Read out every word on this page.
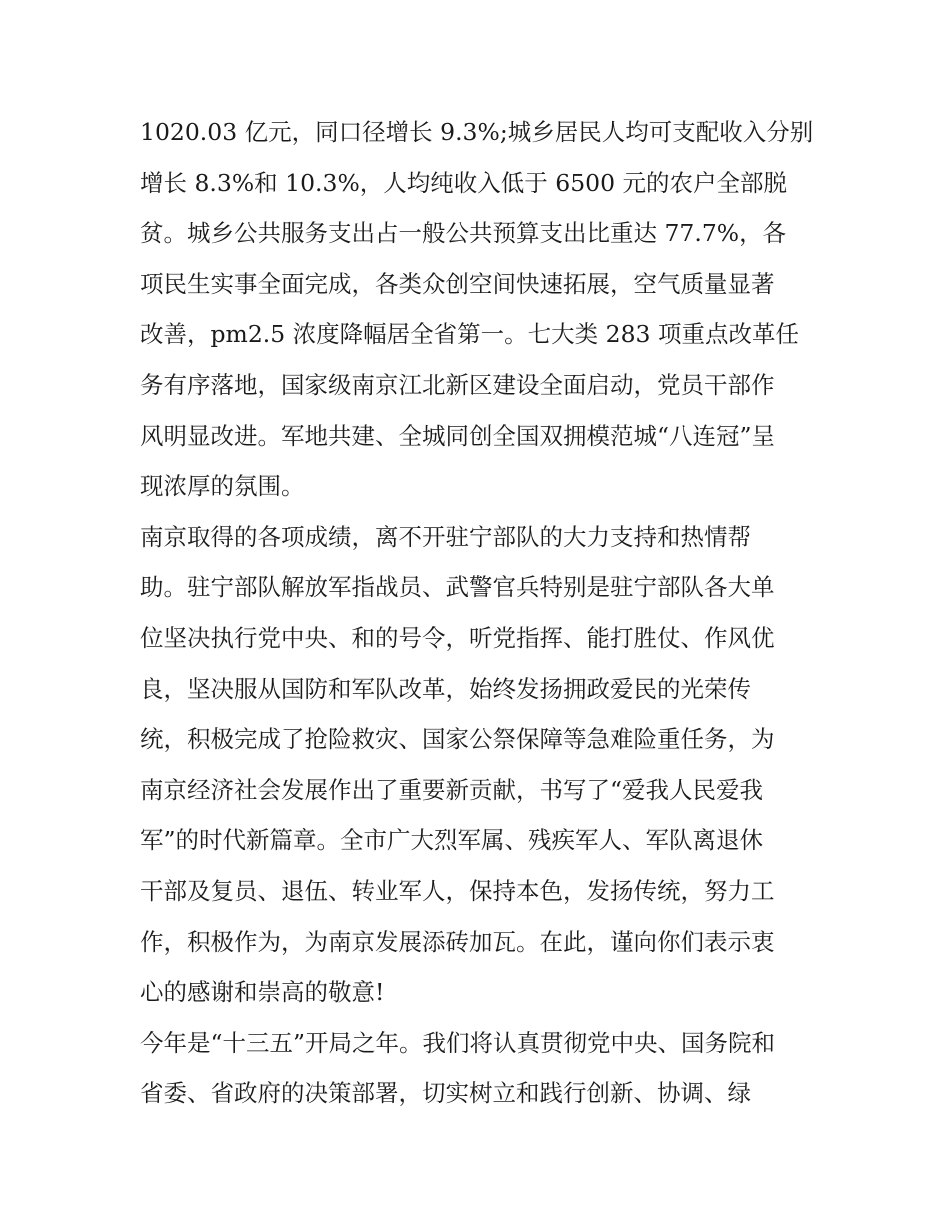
1020.03 亿元，同口径增长 9.3%;城乡居民人均可支配收入分别
增长 8.3%和 10.3%，人均纯收入低于 6500 元的农户全部脱
贫。城乡公共服务支出占一般公共预算支出比重达 77.7%，各
项民生实事全面完成，各类众创空间快速拓展，空气质量显著
改善，pm2.5 浓度降幅居全省第一。七大类 283 项重点改革任
务有序落地，国家级南京江北新区建设全面启动，党员干部作
风明显改进。军地共建、全城同创全国双拥模范城“八连冠”呈
现浓厚的氛围。
南京取得的各项成绩，离不开驻宁部队的大力支持和热情帮
助。驻宁部队解放军指战员、武警官兵特别是驻宁部队各大单
位坚决执行党中央、和的号令，听党指挥、能打胜仗、作风优
良，坚决服从国防和军队改革，始终发扬拥政爱民的光荣传
统，积极完成了抢险救灾、国家公祭保障等急难险重任务，为
南京经济社会发展作出了重要新贡献，书写了“爱我人民爱我
军”的时代新篇章。全市广大烈军属、残疾军人、军队离退休
干部及复员、退伍、转业军人，保持本色，发扬传统，努力工
作，积极作为，为南京发展添砖加瓦。在此，谨向你们表示衷
心的感谢和崇高的敬意!
今年是“十三五”开局之年。我们将认真贯彻党中央、国务院和
省委、省政府的决策部署，切实树立和践行创新、协调、绿
